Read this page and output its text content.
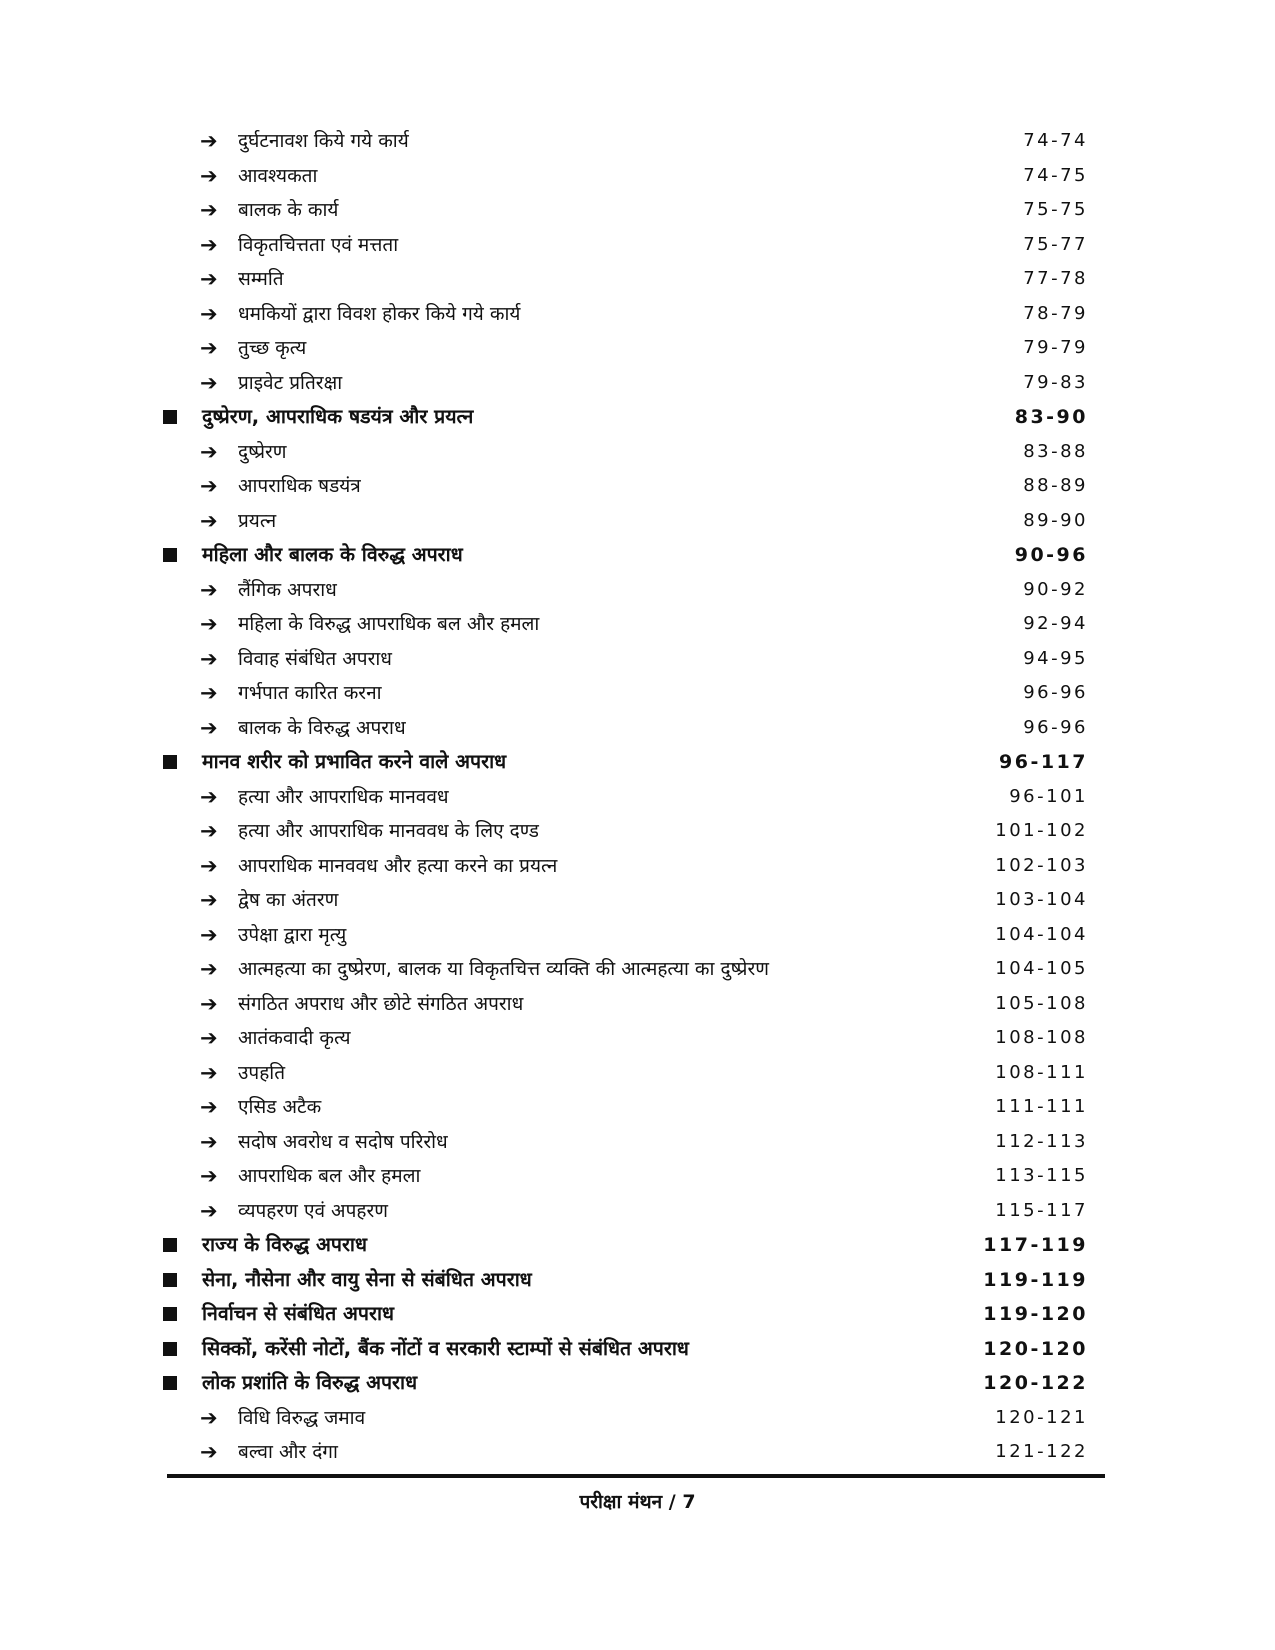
➔ दुर्घटनावश किये गये कार्य	74-74
➔ आवश्यकता	74-75
➔ बालक के कार्य	75-75
➔ विकृतचित्तता एवं मत्तता	75-77
➔ सम्मति	77-78
➔ धमकियों द्वारा विवश होकर किये गये कार्य	78-79
➔ तुच्छ कृत्य	79-79
➔ प्राइवेट प्रतिरक्षा	79-83
दुष्प्रेरण, आपराधिक षडयंत्र और प्रयत्न	83-90
➔ दुष्प्रेरण	83-88
➔ आपराधिक षडयंत्र	88-89
➔ प्रयत्न	89-90
महिला और बालक के विरुद्ध अपराध	90-96
➔ लैंगिक अपराध	90-92
➔ महिला के विरुद्ध आपराधिक बल और हमला	92-94
➔ विवाह संबंधित अपराध	94-95
➔ गर्भपात कारित करना	96-96
➔ बालक के विरुद्ध अपराध	96-96
मानव शरीर को प्रभावित करने वाले अपराध	96-117
➔ हत्या और आपराधिक मानववध	96-101
➔ हत्या और आपराधिक मानववध के लिए दण्ड	101-102
➔ आपराधिक मानववध और हत्या करने का प्रयत्न	102-103
➔ द्वेष का अंतरण	103-104
➔ उपेक्षा द्वारा मृत्यु	104-104
➔ आत्महत्या का दुष्प्रेरण, बालक या विकृतचित्त व्यक्ति की आत्महत्या का दुष्प्रेरण	104-105
➔ संगठित अपराध और छोटे संगठित अपराध	105-108
➔ आतंकवादी कृत्य	108-108
➔ उपहति	108-111
➔ एसिड अटैक	111-111
➔ सदोष अवरोध व सदोष परिरोध	112-113
➔ आपराधिक बल और हमला	113-115
➔ व्यपहरण एवं अपहरण	115-117
राज्य के विरुद्ध अपराध	117-119
सेना, नौसेना और वायु सेना से संबंधित अपराध	119-119
निर्वाचन से संबंधित अपराध	119-120
सिक्कों, करेंसी नोटों, बैंक नोंटों व सरकारी स्टाम्पों से संबंधित अपराध	120-120
लोक प्रशांति के विरुद्ध अपराध	120-122
➔ विधि विरुद्ध जमाव	120-121
➔ बल्वा और दंगा	121-122
परीक्षा मंथन / 7
